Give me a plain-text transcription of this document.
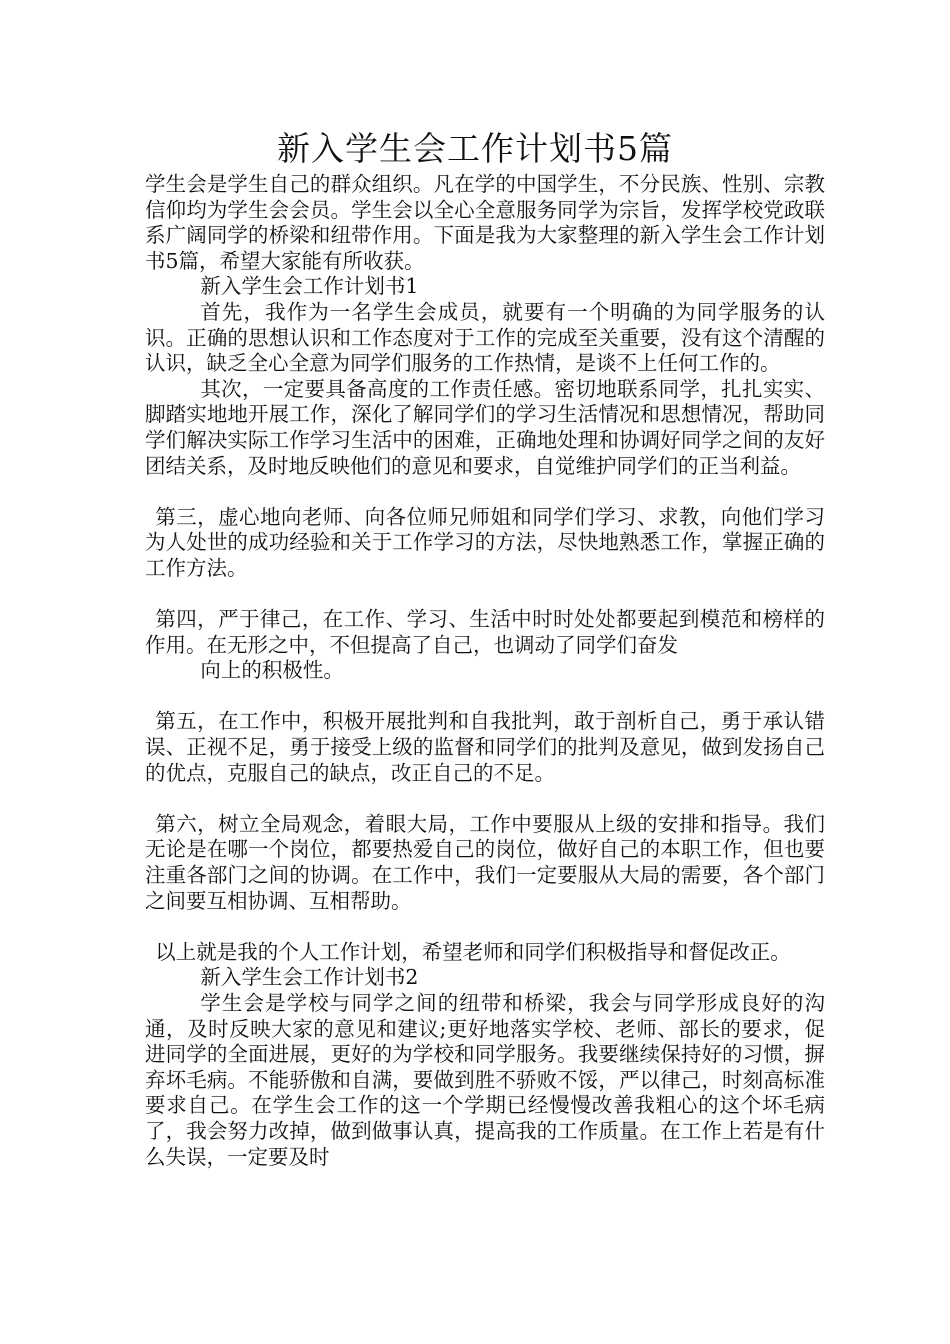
新入学生会工作计划书5篇

学生会是学生自己的群众组织。凡在学的中国学生，不分民族、性别、宗教信仰均为学生会会员。学生会以全心全意服务同学为宗旨，发挥学校党政联系广阔同学的桥梁和纽带作用。下面是我为大家整理的新入学生会工作计划书5篇，希望大家能有所收获。

新入学生会工作计划书1

首先，我作为一名学生会成员，就要有一个明确的为同学服务的认识。正确的思想认识和工作态度对于工作的完成至关重要，没有这个清醒的认识，缺乏全心全意为同学们服务的工作热情，是谈不上任何工作的。

其次，一定要具备高度的工作责任感。密切地联系同学，扎扎实实、脚踏实地地开展工作，深化了解同学们的学习生活情况和思想情况，帮助同学们解决实际工作学习生活中的困难，正确地处理和协调好同学之间的友好团结关系，及时地反映他们的意见和要求，自觉维护同学们的正当利益。

第三，虚心地向老师、向各位师兄师姐和同学们学习、求教，向他们学习为人处世的成功经验和关于工作学习的方法，尽快地熟悉工作，掌握正确的工作方法。

第四，严于律己，在工作、学习、生活中时时处处都要起到模范和榜样的作用。在无形之中，不但提高了自己，也调动了同学们奋发

向上的积极性。

第五，在工作中，积极开展批判和自我批判，敢于剖析自己，勇于承认错误、正视不足，勇于接受上级的监督和同学们的批判及意见，做到发扬自己的优点，克服自己的缺点，改正自己的不足。

第六，树立全局观念，着眼大局，工作中要服从上级的安排和指导。我们无论是在哪一个岗位，都要热爱自己的岗位，做好自己的本职工作，但也要注重各部门之间的协调。在工作中，我们一定要服从大局的需要，各个部门之间要互相协调、互相帮助。

以上就是我的个人工作计划，希望老师和同学们积极指导和督促改正。

新入学生会工作计划书2

学生会是学校与同学之间的纽带和桥梁，我会与同学形成良好的沟通，及时反映大家的意见和建议;更好地落实学校、老师、部长的要求，促进同学的全面进展，更好的为学校和同学服务。我要继续保持好的习惯，摒弃坏毛病。不能骄傲和自满，要做到胜不骄败不馁，严以律己，时刻高标准要求自己。在学生会工作的这一个学期已经慢慢改善我粗心的这个坏毛病了，我会努力改掉，做到做事认真，提高我的工作质量。在工作上若是有什么失误，一定要及时
